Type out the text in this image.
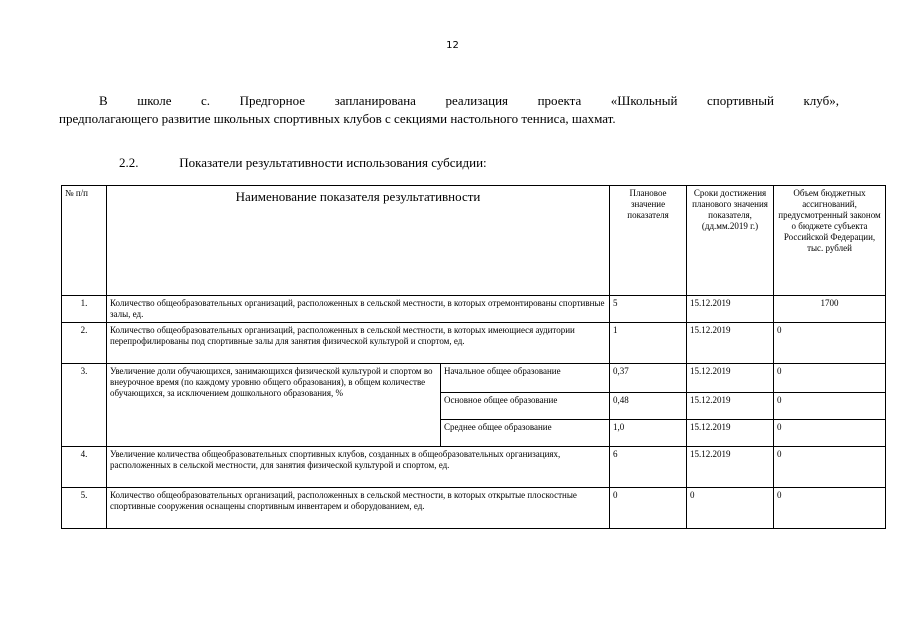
12
В школе с. Предгорное запланирована реализация проекта «Школьный спортивный клуб»,
предполагающего развитие школьных спортивных клубов с секциями настольного тенниса, шахмат.
2.2.	Показатели результативности использования субсидии:
№ п/п	Наименование показателя результативности		Плановое значение показателя	Сроки достижения планового значения показателя, (дд.мм.2019 г.)	Объем бюджетных ассигнований, предусмотренный законом о бюджете субъекта Российской Федерации, тыс. рублей
1.	Количество общеобразовательных организаций, расположенных в сельской местности, в которых отремонтированы спортивные залы, ед.		5	15.12.2019	1700
2.	Количество общеобразовательных организаций, расположенных в сельской местности, в которых имеющиеся аудитории перепрофилированы под спортивные залы для занятия физической культурой и спортом, ед.		1	15.12.2019	0
3.	Увеличение доли обучающихся, занимающихся физической культурой и спортом во внеурочное время (по каждому уровню общего образования), в общем количестве обучающихся, за исключением дошкольного образования, %	Начальное общее образование	0,37	15.12.2019	0
		Основное общее образование	0,48	15.12.2019	0
		Среднее общее образование	1,0	15.12.2019	0
4.	Увеличение количества общеобразовательных спортивных клубов, созданных в общеобразовательных организациях, расположенных в сельской местности, для занятия физической культурой и спортом, ед.		6	15.12.2019	0
5.	Количество общеобразовательных организаций, расположенных в сельской местности, в которых открытые плоскостные спортивные сооружения оснащены спортивным инвентарем и оборудованием, ед.		0	0	0
